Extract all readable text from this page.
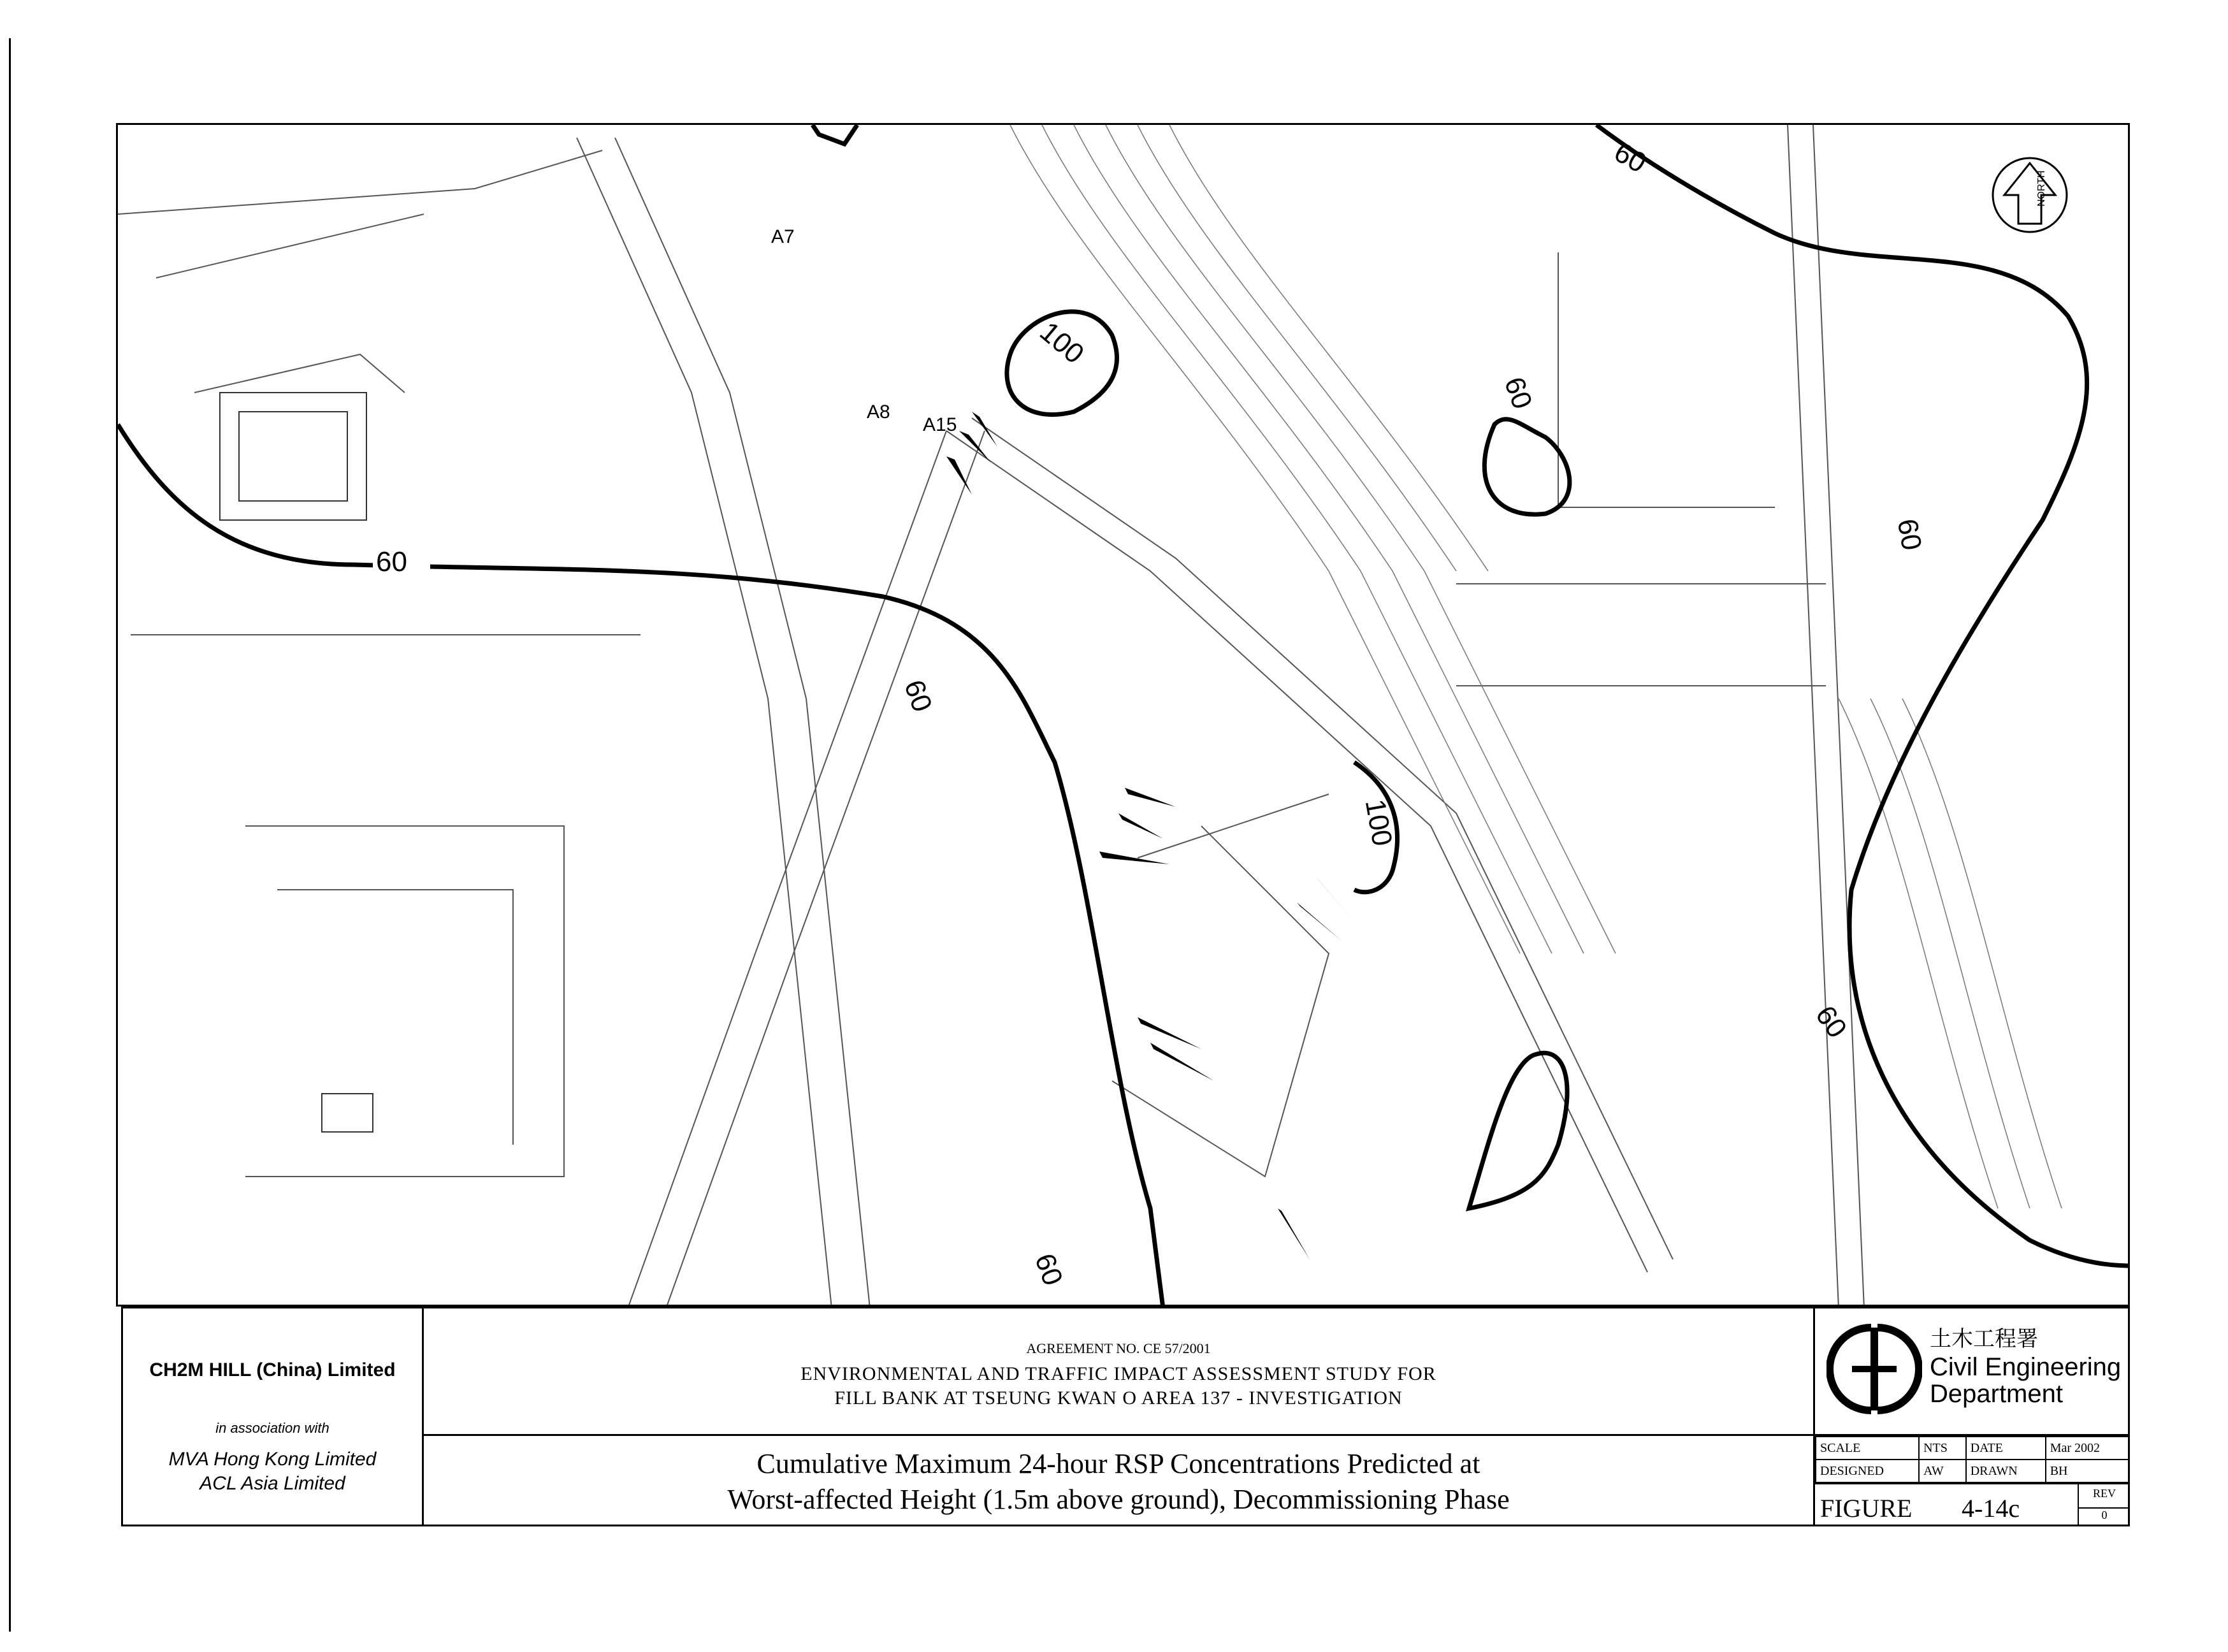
60
60
60
100
100
60
60
60
60
A7
A8
A15
NORTH
CH2M HILL (China) Limited
in association with
MVA Hong Kong Limited
ACL Asia Limited
AGREEMENT NO. CE 57/2001
ENVIRONMENTAL AND TRAFFIC IMPACT ASSESSMENT STUDY FOR
FILL BANK AT TSEUNG KWAN O AREA 137 - INVESTIGATION
Cumulative Maximum 24-hour RSP Concentrations Predicted at
Worst-affected Height (1.5m above ground), Decommissioning Phase
土木工程署
Civil Engineering
Department
SCALE	NTS	DATE	Mar 2002
DESIGNED	AW	DRAWN	BH
FIGURE 4-14c
REV
0
